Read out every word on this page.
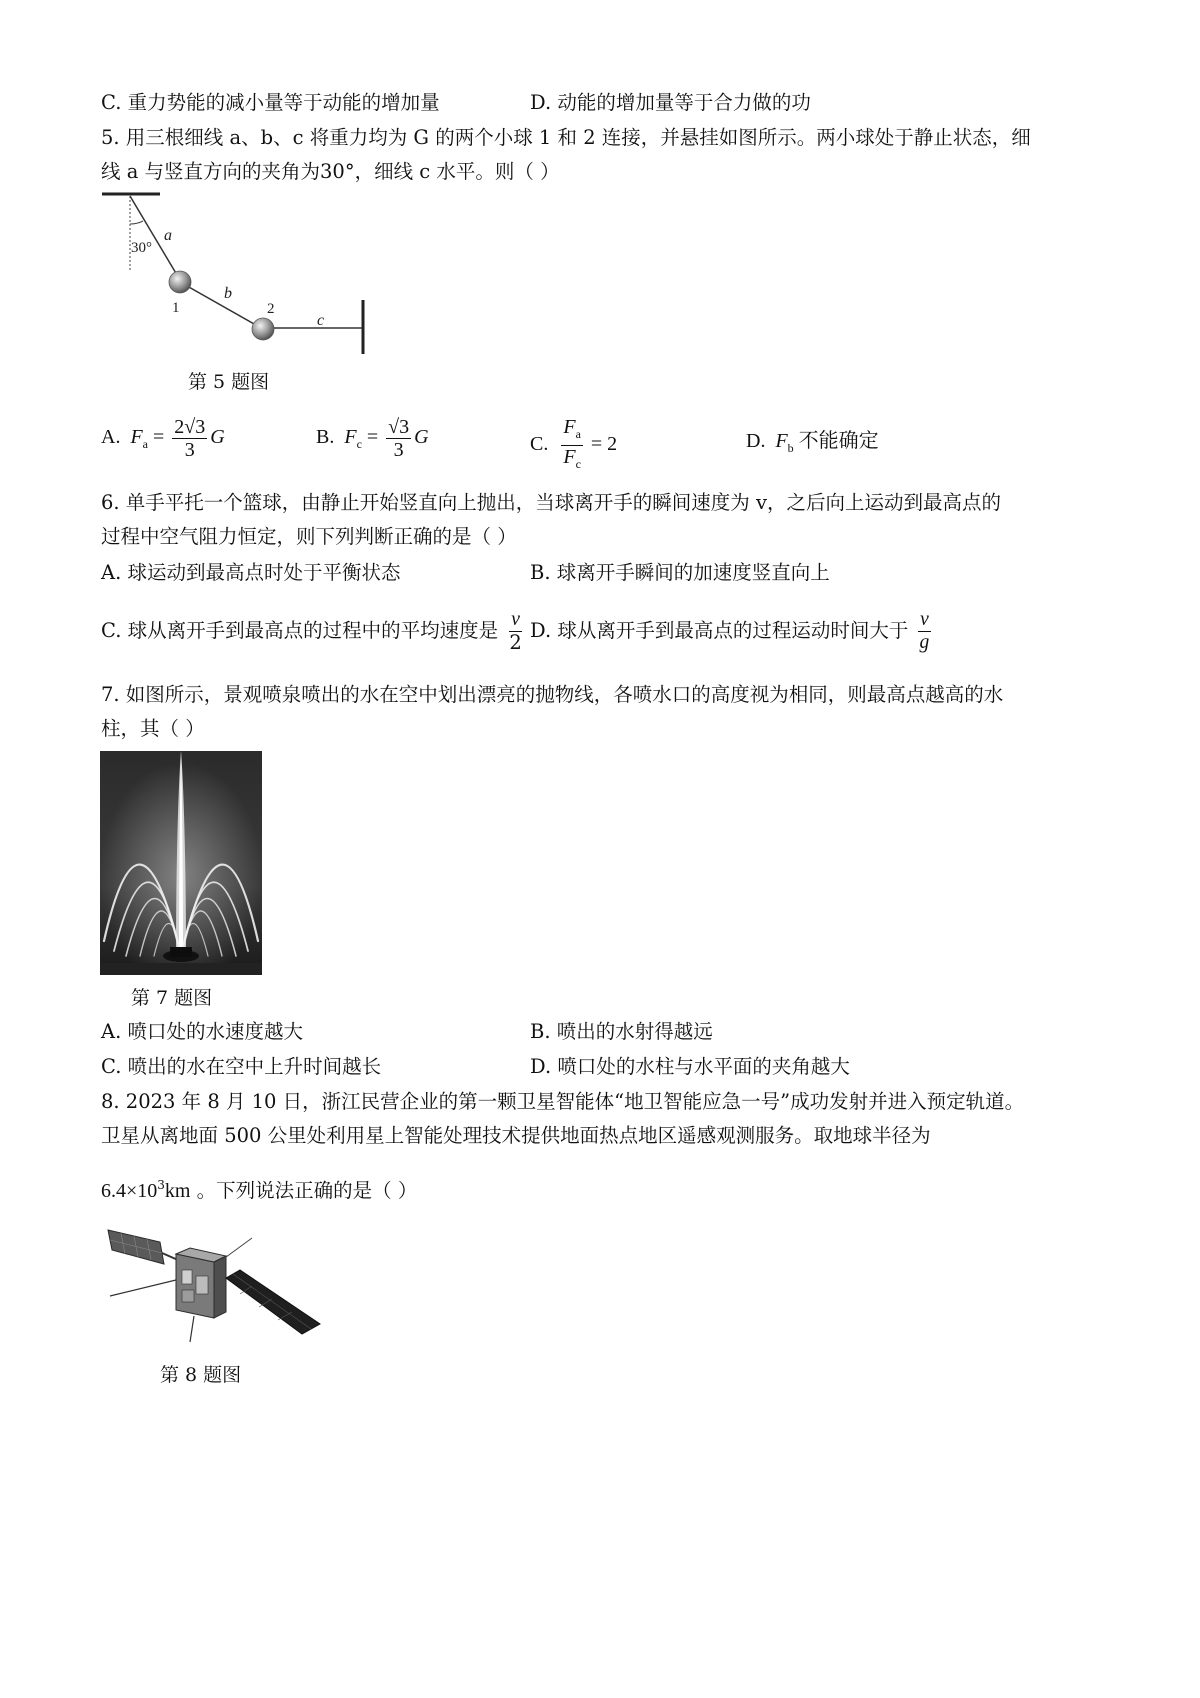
C. 重力势能的减小量等于动能的增加量	D. 动能的增加量等于合力做的功
5. 用三根细线 a、b、c 将重力均为 G 的两个小球 1 和 2 连接，并悬挂如图所示。两小球处于静止状态，细
线 a 与竖直方向的夹角为30°，细线 c 水平。则（ ）
30°
a
b
c
1	2
第 5 题图
A. $F_a = \frac{2√3}{3}$ G	B. $F_c = \frac{√3}{3}$ G	C. $\frac{F_a}{F_c} = 2$	D. $F_b$ 不能确定
6. 单手平托一个篮球，由静止开始竖直向上抛出，当球离开手的瞬间速度为 v，之后向上运动到最高点的
过程中空气阻力恒定，则下列判断正确的是（ ）
A. 球运动到最高点时处于平衡状态	B. 球离开手瞬间的加速度竖直向上
C. 球从离开手到最高点的过程中的平均速度是 $\frac{v}{2} D$. 球从离开手到最高点的过程运动时间大于 $\frac{v}{g}$
7. 如图所示，景观喷泉喷出的水在空中划出漂亮的抛物线，各喷水口的高度视为相同，则最高点越高的水
柱，其（ ）
第 7 题图
A. 喷口处的水速度越大	B. 喷出的水射得越远
C. 喷出的水在空中上升时间越长	D. 喷口处的水柱与水平面的夹角越大
8. 2023 年 8 月 10 日，浙江民营企业的第一颗卫星智能体“地卫智能应急一号”成功发射并进入预定轨道。
卫星从离地面 500 公里处利用星上智能处理技术提供地面热点地区遥感观测服务。取地球半径为
$6.4\times 10^3km$ 。下列说法正确的是（ ）
第 8 题图
